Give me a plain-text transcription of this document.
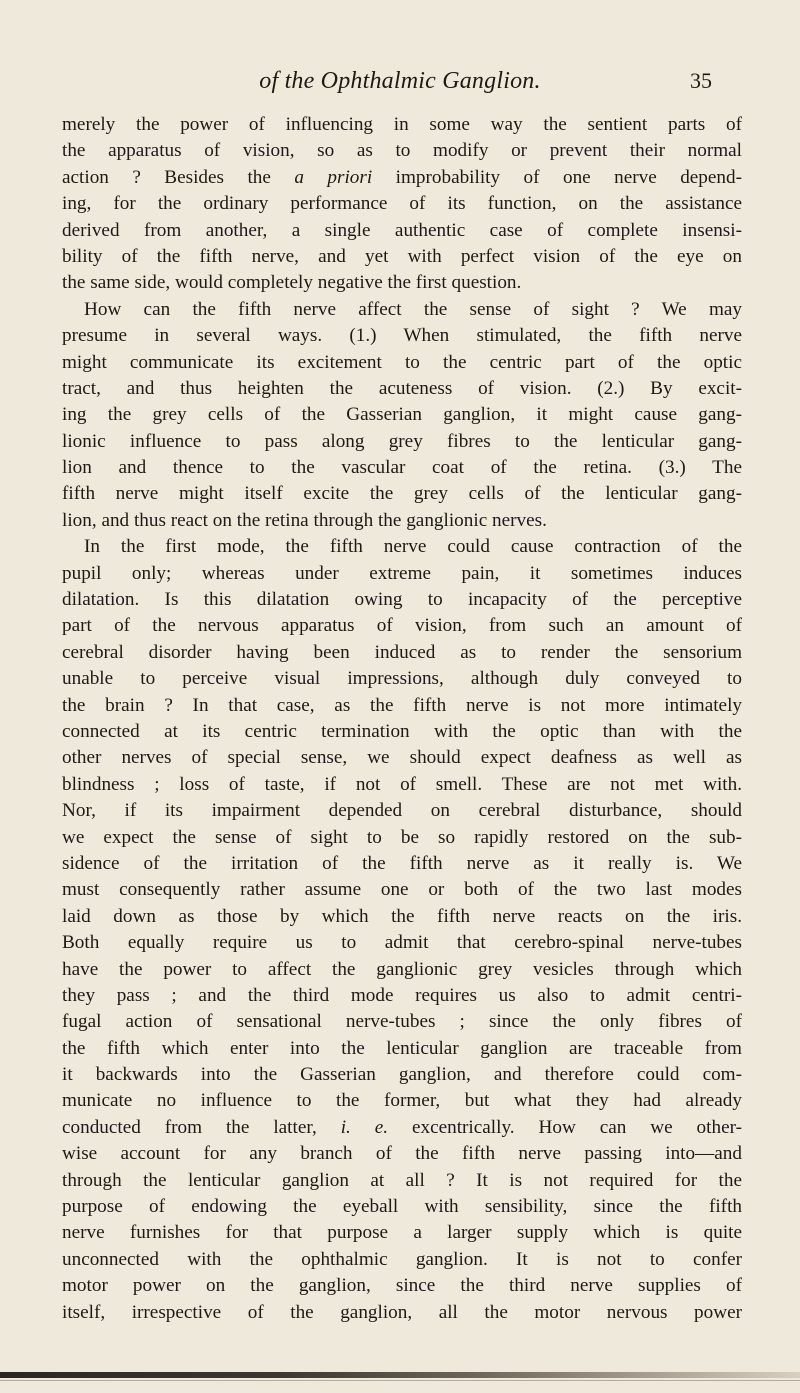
of the Ophthalmic Ganglion.	35
merely the power of influencing in some way the sentient parts of
the apparatus of vision, so as to modify or prevent their normal
action ? Besides the a priori improbability of one nerve depend-
ing, for the ordinary performance of its function, on the assistance
derived from another, a single authentic case of complete insensi-
bility of the fifth nerve, and yet with perfect vision of the eye on
the same side, would completely negative the first question.
How can the fifth nerve affect the sense of sight ? We may
presume in several ways. (1.) When stimulated, the fifth nerve
might communicate its excitement to the centric part of the optic
tract, and thus heighten the acuteness of vision. (2.) By excit-
ing the grey cells of the Gasserian ganglion, it might cause gang-
lionic influence to pass along grey fibres to the lenticular gang-
lion and thence to the vascular coat of the retina. (3.) The
fifth nerve might itself excite the grey cells of the lenticular gang-
lion, and thus react on the retina through the ganglionic nerves.
In the first mode, the fifth nerve could cause contraction of the
pupil only; whereas under extreme pain, it sometimes induces
dilatation. Is this dilatation owing to incapacity of the perceptive
part of the nervous apparatus of vision, from such an amount of
cerebral disorder having been induced as to render the sensorium
unable to perceive visual impressions, although duly conveyed to
the brain ? In that case, as the fifth nerve is not more intimately
connected at its centric termination with the optic than with the
other nerves of special sense, we should expect deafness as well as
blindness ; loss of taste, if not of smell. These are not met with.
Nor, if its impairment depended on cerebral disturbance, should
we expect the sense of sight to be so rapidly restored on the sub-
sidence of the irritation of the fifth nerve as it really is. We
must consequently rather assume one or both of the two last modes
laid down as those by which the fifth nerve reacts on the iris.
Both equally require us to admit that cerebro-spinal nerve-tubes
have the power to affect the ganglionic grey vesicles through which
they pass ; and the third mode requires us also to admit centri-
fugal action of sensational nerve-tubes ; since the only fibres of
the fifth which enter into the lenticular ganglion are traceable from
it backwards into the Gasserian ganglion, and therefore could com-
municate no influence to the former, but what they had already
conducted from the latter, i. e. excentrically. How can we other-
wise account for any branch of the fifth nerve passing into—and
through the lenticular ganglion at all ? It is not required for the
purpose of endowing the eyeball with sensibility, since the fifth
nerve furnishes for that purpose a larger supply which is quite
unconnected with the ophthalmic ganglion. It is not to confer
motor power on the ganglion, since the third nerve supplies of
itself, irrespective of the ganglion, all the motor nervous power
